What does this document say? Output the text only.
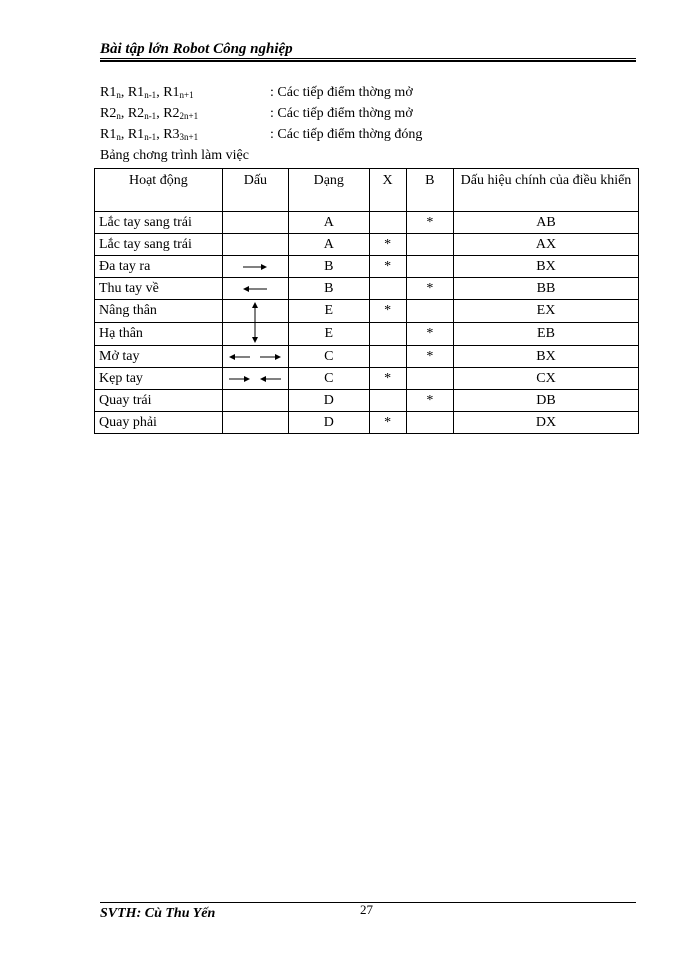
Bài tập lớn Robot Công nghiệp
$R1_n$, $R1_{n-1}$, $R1_{n+1}$	: Các tiếp điểm thờng mở
$R2_n$, $R2_{n-1}$, $R2_{2n+1}$	: Các tiếp điểm thờng mở
$R1_n$, $R1_{n-1}$, $R3_{3n+1}$	: Các tiếp điểm thờng đóng
Bảng chơng trình làm việc
Hoạt động	Dấu	Dạng	X	B	Dấu hiệu chính của điều khiển
Lắc tay sang trái		A		*	AB
Lắc tay sang trái		A	*		AX
Đa tay ra		B	*		BX
Thu tay về		B		*	BB
Nâng thân		E	*		EX
Hạ thân		E		*	EB
Mở tay		C		*	BX
Kẹp tay		C	*		CX
Quay trái		D		*	DB
Quay phải		D	*		DX
SVTH: Cù Thu Yến	27
